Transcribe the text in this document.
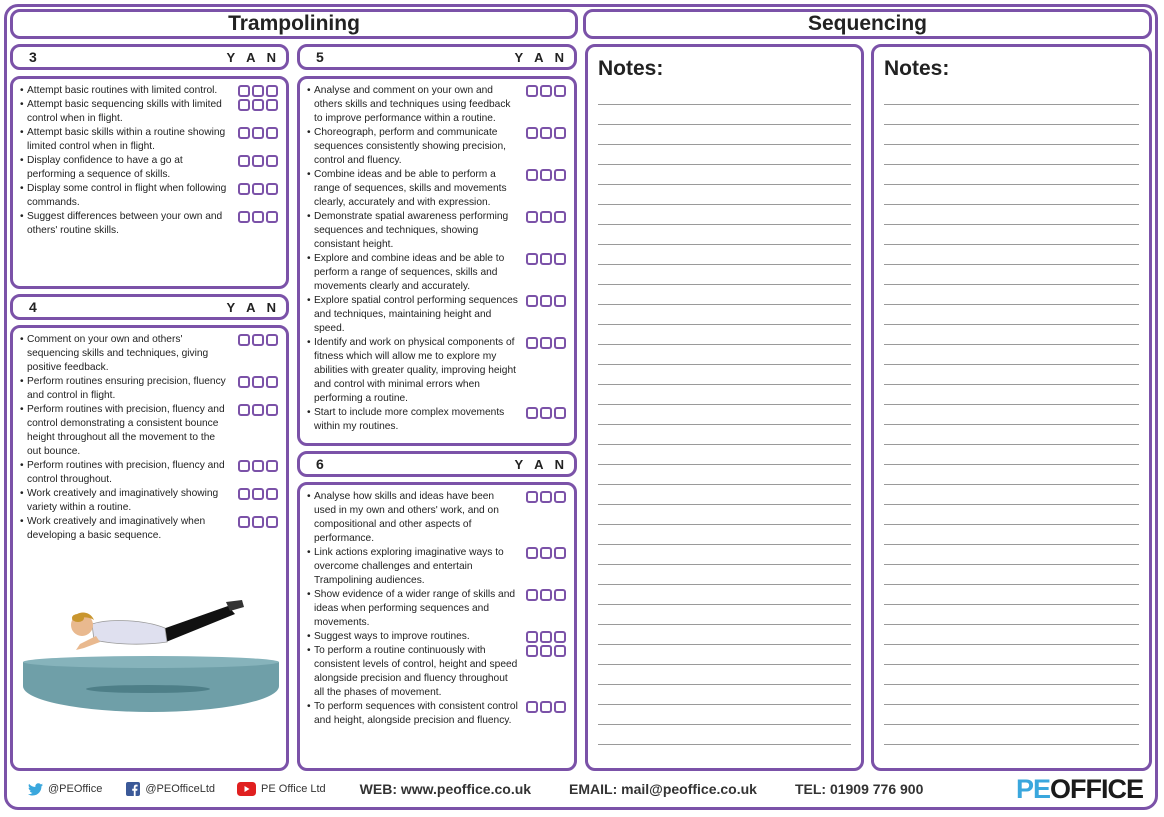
Trampolining	Sequencing
3	Y A N
• Attempt basic routines with limited control.
• Attempt basic sequencing skills with limited control when in flight.
• Attempt basic skills within a routine showing limited control when in flight.
• Display confidence to have a go at performing a sequence of skills.
• Display some control in flight when following commands.
• Suggest differences between your own and others' routine skills.
4	Y A N
• Comment on your own and others' sequencing skills and techniques, giving positive feedback.
• Perform routines ensuring precision, fluency and control in flight.
• Perform routines with precision, fluency and control demonstrating a consistent bounce height throughout all the movement to the out bounce.
• Perform routines with precision, fluency and control throughout.
• Work creatively and imaginatively showing variety within a routine.
• Work creatively and imaginatively when developing a basic sequence.
5	Y A N
• Analyse and comment on your own and others skills and techniques using feedback to improve performance within a routine.
• Choreograph, perform and communicate sequences consistently showing precision, control and fluency.
• Combine ideas and be able to perform a range of sequences, skills and movements clearly, accurately and with expression.
• Demonstrate spatial awareness performing sequences and techniques, showing consistant height.
• Explore and combine ideas and be able to perform a range of sequences, skills and movements clearly and accurately.
• Explore spatial control performing sequences and techniques, maintaining height and speed.
• Identify and work on physical components of fitness which will allow me to explore my abilities with greater quality, improving height and control with minimal errors when performing a routine.
• Start to include more complex movements within my routines.
6	Y A N
• Analyse how skills and ideas have been used in my own and others' work, and on compositional and other aspects of performance.
• Link actions exploring imaginative ways to overcome challenges and entertain Trampolining audiences.
• Show evidence of a wider range of skills and ideas when performing sequences and movements.
• Suggest ways to improve routines.
• To perform a routine continuously with consistent levels of control, height and speed alongside precision and fluency throughout all the phases of movement.
• To perform sequences with consistent control and height, alongside precision and fluency.
Notes:	Notes:
@PEOffice	@PEOfficeLtd	PE Office Ltd WEB: www.peoffice.co.uk	EMAIL: mail@peoffice.co.uk	TEL: 01909 776 900	PEOFFICE
